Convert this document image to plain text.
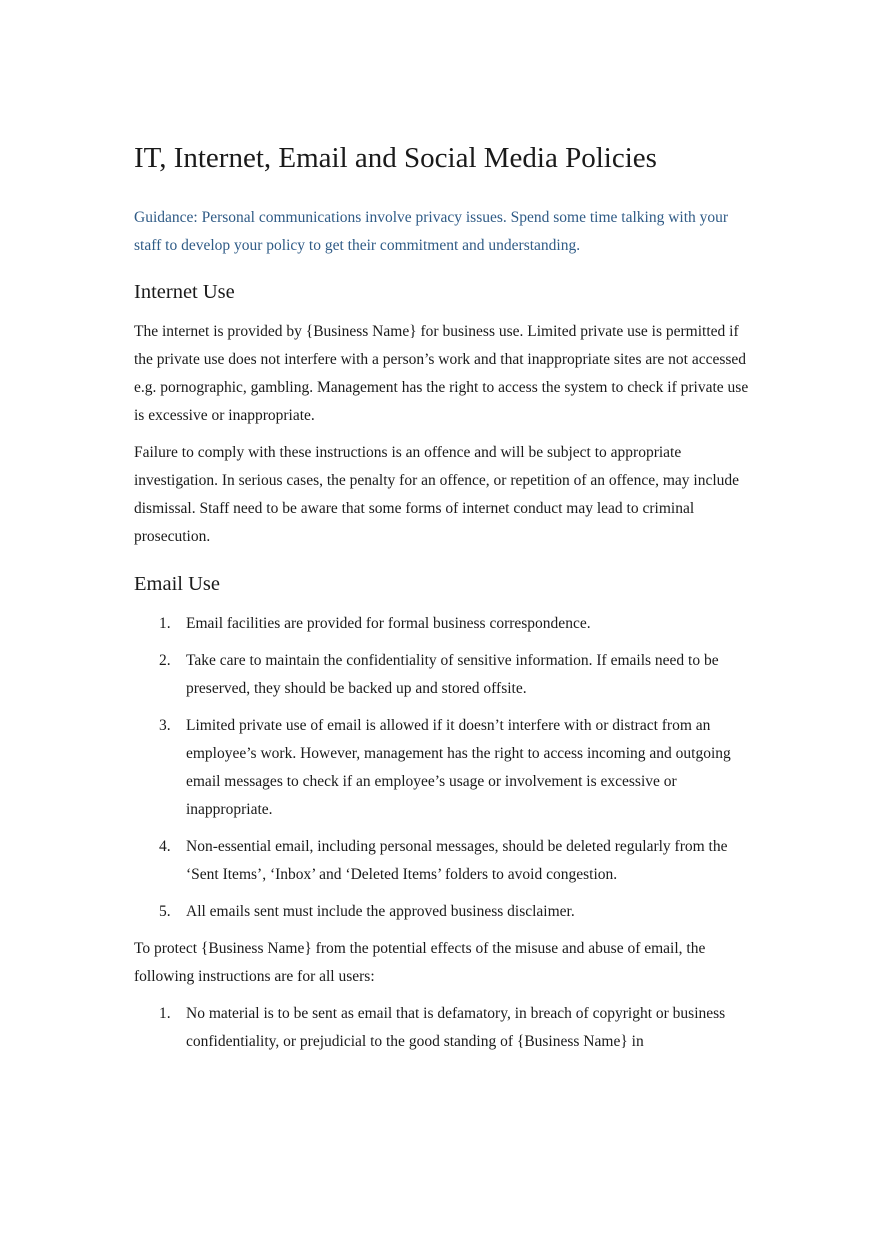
IT, Internet, Email and Social Media Policies

Guidance: Personal communications involve privacy issues. Spend some time talking with your staff to develop your policy to get their commitment and understanding.

Internet Use

The internet is provided by {Business Name} for business use. Limited private use is permitted if the private use does not interfere with a person’s work and that inappropriate sites are not accessed e.g. pornographic, gambling. Management has the right to access the system to check if private use is excessive or inappropriate.

Failure to comply with these instructions is an offence and will be subject to appropriate investigation. In serious cases, the penalty for an offence, or repetition of an offence, may include dismissal. Staff need to be aware that some forms of internet conduct may lead to criminal prosecution.

Email Use
1. Email facilities are provided for formal business correspondence.
2. Take care to maintain the confidentiality of sensitive information. If emails need to be preserved, they should be backed up and stored offsite.
3. Limited private use of email is allowed if it doesn’t interfere with or distract from an employee’s work. However, management has the right to access incoming and outgoing email messages to check if an employee’s usage or involvement is excessive or inappropriate.
4. Non-essential email, including personal messages, should be deleted regularly from the ‘Sent Items’, ‘Inbox’ and ‘Deleted Items’ folders to avoid congestion.
5. All emails sent must include the approved business disclaimer.

To protect {Business Name} from the potential effects of the misuse and abuse of email, the following instructions are for all users:

1. No material is to be sent as email that is defamatory, in breach of copyright or business confidentiality, or prejudicial to the good standing of {Business Name} in
